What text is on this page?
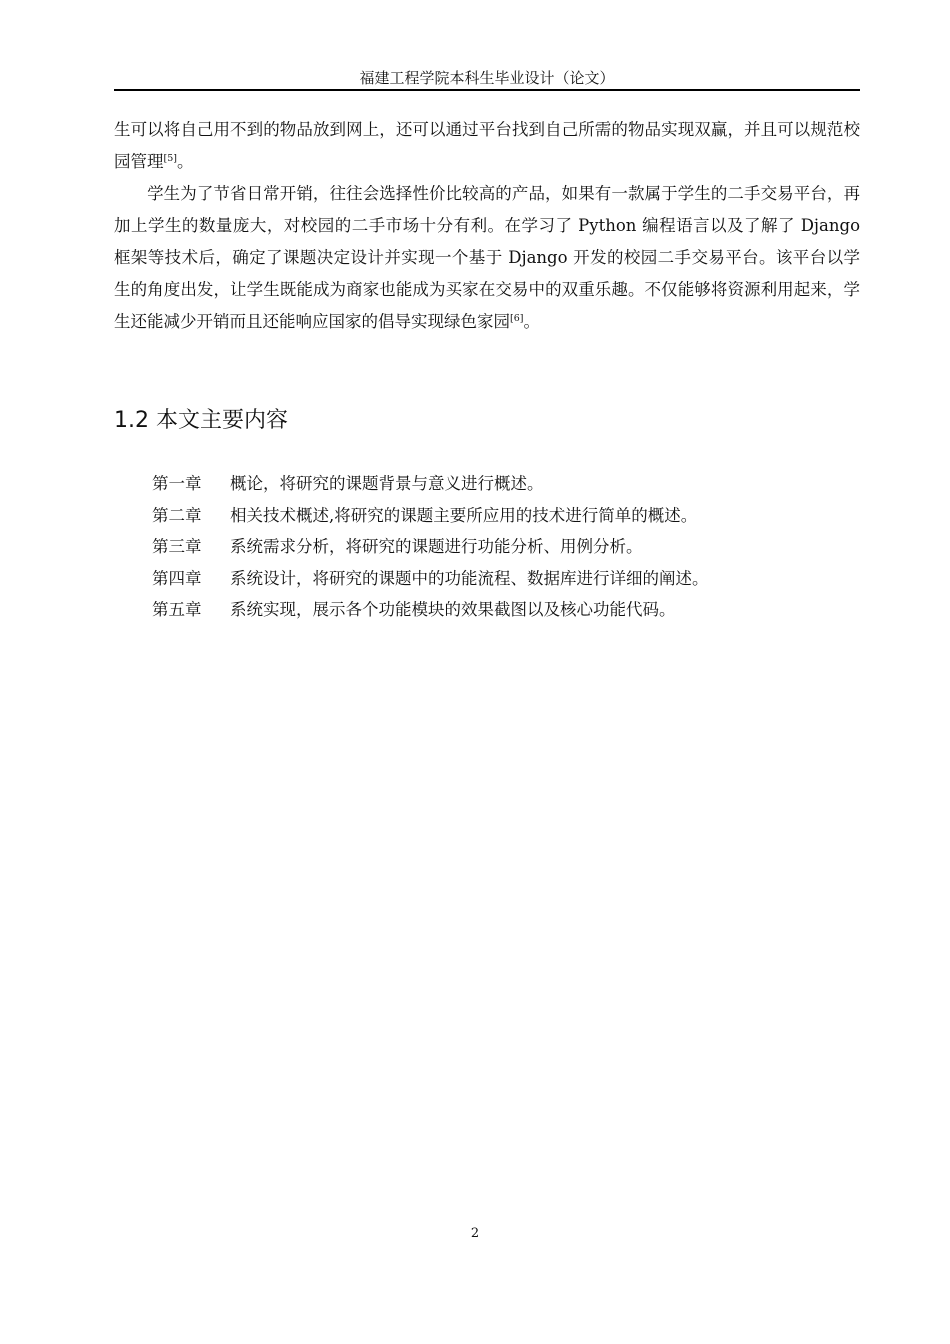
福建工程学院本科生毕业设计（论文）

生可以将自己用不到的物品放到网上，还可以通过平台找到自己所需的物品实现双赢，并且可以规范校园管理[5]。

学生为了节省日常开销，往往会选择性价比较高的产品，如果有一款属于学生的二手交易平台，再加上学生的数量庞大，对校园的二手市场十分有利。在学习了 Python 编程语言以及了解了 Django 框架等技术后，确定了课题决定设计并实现一个基于 Django 开发的校园二手交易平台。该平台以学生的角度出发，让学生既能成为商家也能成为买家在交易中的双重乐趣。不仅能够将资源利用起来，学生还能减少开销而且还能响应国家的倡导实现绿色家园[6]。

1.2 本文主要内容
第一章 概论，将研究的课题背景与意义进行概述。
第二章 相关技术概述,将研究的课题主要所应用的技术进行简单的概述。
第三章 系统需求分析，将研究的课题进行功能分析、用例分析。
第四章 系统设计，将研究的课题中的功能流程、数据库进行详细的阐述。
第五章 系统实现，展示各个功能模块的效果截图以及核心功能代码。
2
